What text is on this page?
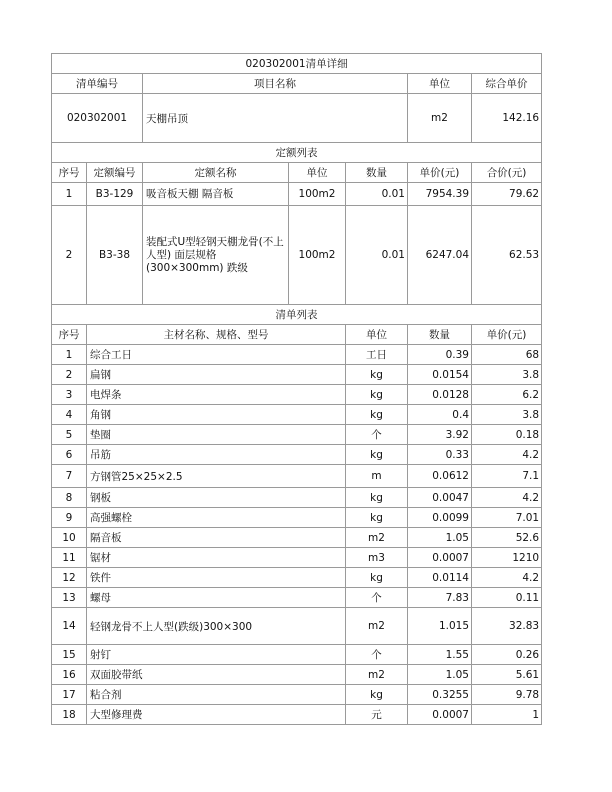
020302001清单详细							
清单编号		项目名称			单位	综合单价	
020302001		天棚吊顶			m2	142.16	
定额列表							
序号	定额编号	定额名称	单位	数量	单价(元)	合价(元)	
1	B3-129	吸音板天棚 隔音板	100m2	0.01	7954.39	79.62	
2	B3-38	装配式U型轻钢天棚龙骨(不上人型) 面层规格(300×300mm) 跌级	100m2	0.01	6247.04	62.53	
清单列表							
序号	主材名称、规格、型号			单位	数量	单价(元)	
1	综合工日			工日	0.39	68	
2	扁钢			kg	0.0154	3.8	
3	电焊条			kg	0.0128	6.2	
4	角钢			kg	0.4	3.8	
5	垫圈			个	3.92	0.18	
6	吊筋			kg	0.33	4.2	
7	方钢管25×25×2.5			m	0.0612	7.1	
8	钢板			kg	0.0047	4.2	
9	高强螺栓			kg	0.0099	7.01	
10	隔音板			m2	1.05	52.6	
11	锯材			m3	0.0007	1210	
12	铁件			kg	0.0114	4.2	
13	螺母			个	7.83	0.11	
14	轻钢龙骨不上人型(跌级)300×300			m2	1.015	32.83	
15	射钉			个	1.55	0.26	
16	双面胶带纸			m2	1.05	5.61	
17	粘合剂			kg	0.3255	9.78	
18	大型修理费			元	0.0007	1	
